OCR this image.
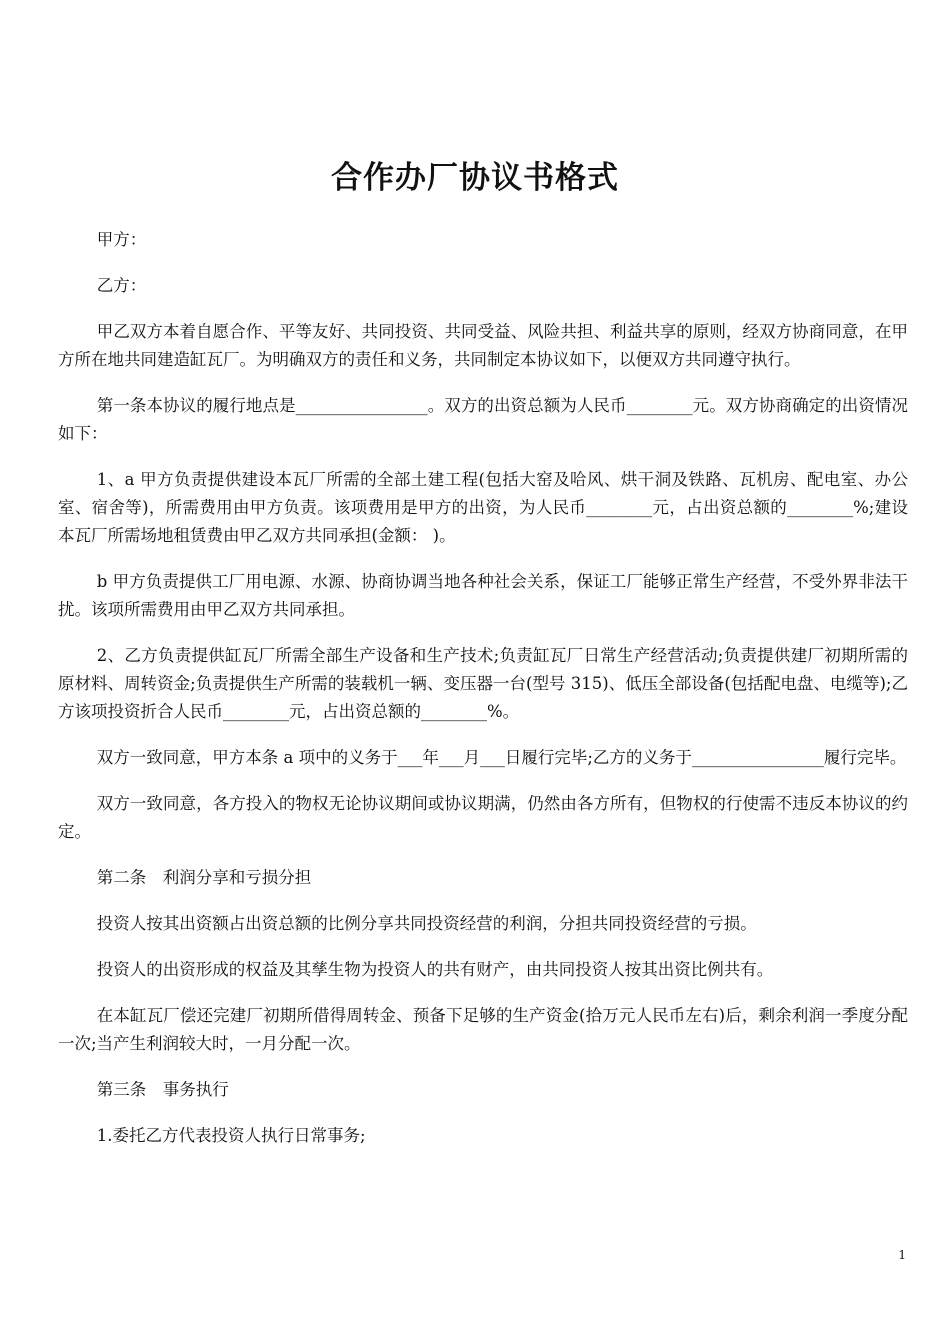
合作办厂协议书格式

甲方：

乙方：

甲乙双方本着自愿合作、平等友好、共同投资、共同受益、风险共担、利益共享的原则，经双方协商同意，在甲方所在地共同建造缸瓦厂。为明确双方的责任和义务，共同制定本协议如下，以便双方共同遵守执行。

第一条本协议的履行地点是________________。双方的出资总额为人民币________元。双方协商确定的出资情况如下：

1、a 甲方负责提供建设本瓦厂所需的全部土建工程(包括大窑及哈风、烘干洞及铁路、瓦机房、配电室、办公室、宿舍等)，所需费用由甲方负责。该项费用是甲方的出资，为人民币________元，占出资总额的________%;建设本瓦厂所需场地租赁费由甲乙双方共同承担(金额： )。

b 甲方负责提供工厂用电源、水源、协商协调当地各种社会关系，保证工厂能够正常生产经营，不受外界非法干扰。该项所需费用由甲乙双方共同承担。

2、乙方负责提供缸瓦厂所需全部生产设备和生产技术;负责缸瓦厂日常生产经营活动;负责提供建厂初期所需的原材料、周转资金;负责提供生产所需的装载机一辆、变压器一台(型号 315)、低压全部设备(包括配电盘、电缆等);乙方该项投资折合人民币________元，占出资总额的________%。

双方一致同意，甲方本条 a 项中的义务于___年___月___日履行完毕;乙方的义务于________________履行完毕。

双方一致同意，各方投入的物权无论协议期间或协议期满，仍然由各方所有，但物权的行使需不违反本协议的约定。

第二条　利润分享和亏损分担

投资人按其出资额占出资总额的比例分享共同投资经营的利润，分担共同投资经营的亏损。

投资人的出资形成的权益及其孳生物为投资人的共有财产，由共同投资人按其出资比例共有。

在本缸瓦厂偿还完建厂初期所借得周转金、预备下足够的生产资金(拾万元人民币左右)后，剩余利润一季度分配一次;当产生利润较大时，一月分配一次。

第三条　事务执行

1.委托乙方代表投资人执行日常事务;

1
